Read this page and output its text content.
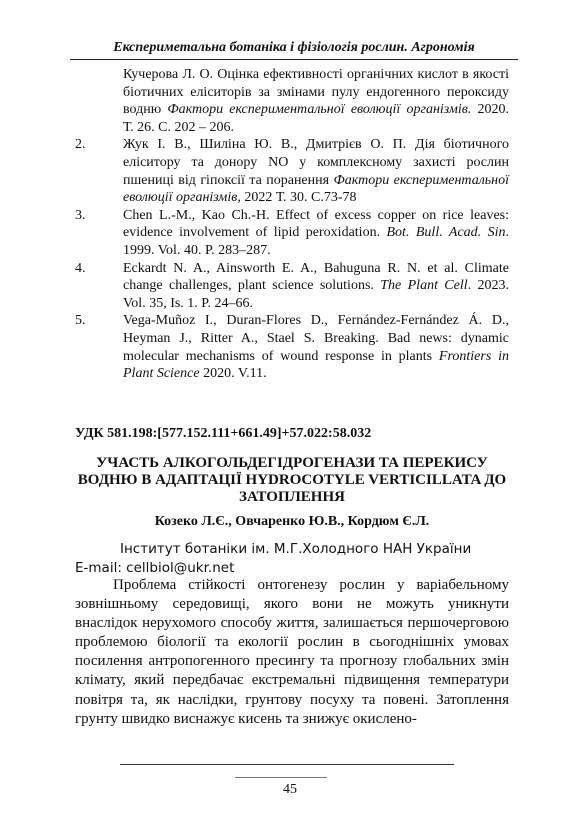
Експериметальна ботаніка і фізіологія рослин. Агрономія
Кучерова Л. О. Оцінка ефективності органічних кислот в якості біотичних еліситорів за змінами пулу ендогенного пероксиду водню Фактори експериментальної еволюції організмів. 2020. Т. 26. С. 202 – 206.
2.	Жук І. В., Шиліна Ю. В., Дмитрієв О. П. Дія біотичного еліситору та донору NO у комплексному захисті рослин пшениці від гіпоксії та поранення Фактори експериментальної еволюції організмів, 2022 Т. 30. С.73-78
3.	Chen L.-M., Kao Ch.-H. Effect of excess copper on rice leaves: evidence involvement of lipid peroxidation. Bot. Bull. Acad. Sin. 1999. Vol. 40. P. 283–287.
4.	Eckardt N. A., Ainsworth E. A., Bahuguna R. N. et al. Climate change challenges, plant science solutions. The Plant Cell. 2023. Vol. 35, Is. 1. P. 24–66.
5.	Vega-Muñoz I., Duran-Flores D., Fernández-Fernández Á. D., Heyman J., Ritter A., Stael S. Breaking. Bad news: dynamic molecular mechanisms of wound response in plants Frontiers in Plant Science 2020. V.11.
УДК 581.198:[577.152.111+661.49]+57.022:58.032
УЧАСТЬ АЛКОГОЛЬДЕГІДРОГЕНАЗИ ТА ПЕРЕКИСУ ВОДНЮ В АДАПТАЦІЇ HYDROCOTYLE VERTICILLATA ДО ЗАТОПЛЕННЯ
Козеко Л.Є., Овчаренко Ю.В., Кордюм Є.Л.
Інститут ботаніки ім. М.Г.Холодного НАН України
E-mail: cellbiol@ukr.net
Проблема стійкості онтогенезу рослин у варіабельному зовнішньому середовищі, якого вони не можуть уникнути внаслідок нерухомого способу життя, залишається першочерговою проблемою біології та екології рослин в сьогоднішніх умовах посилення антропогенного пресингу та прогнозу глобальних змін клімату, який передбачає екстремальні підвищення температури повітря та, як наслідки, грунтову посуху та повені. Затоплення грунту швидко виснажує кисень та знижує окислено-
45
